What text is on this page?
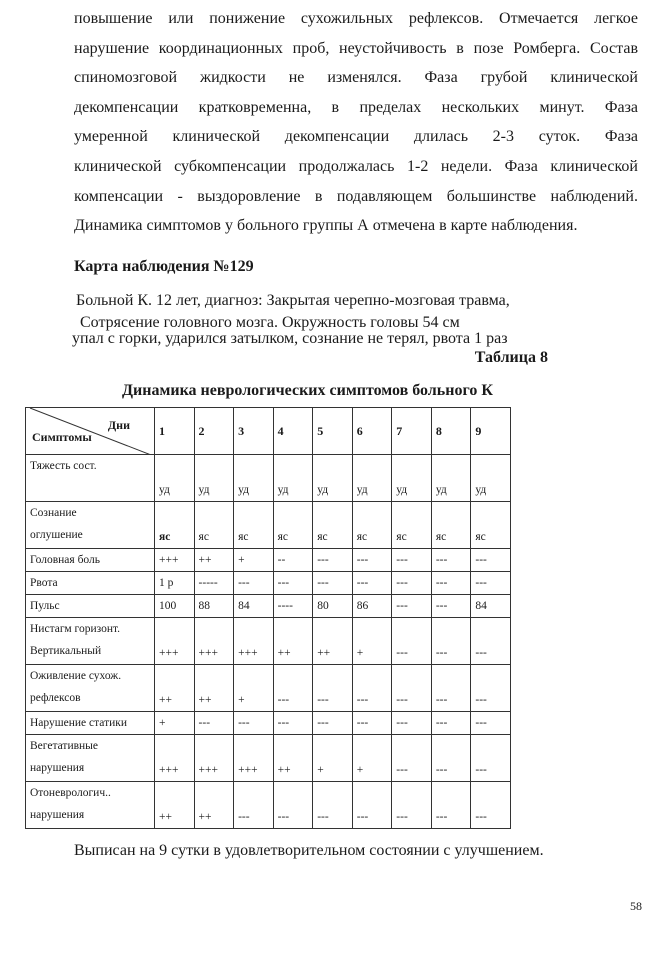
повышение или понижение сухожильных рефлексов. Отмечается легкое
нарушение координационных проб, неустойчивость в позе Ромберга. Состав
спиномозговой жидкости не изменялся. Фаза грубой клинической
декомпенсации кратковременна, в пределах нескольких минут. Фаза
умеренной клинической декомпенсации длилась 2-3 суток. Фаза
клинической субкомпенсации продолжалась 1-2 недели. Фаза клинической
компенсации - выздоровление в подавляющем большинстве наблюдений.
Динамика симптомов у больного группы А отмечена в карте наблюдения.
Карта наблюдения №129
Больной К. 12 лет, диагноз: Закрытая черепно-мозговая травма,
Сотрясение головного мозга. Окружность головы 54 см
упал с горки, ударился затылком, сознание не терял, рвота 1 раз
Таблица 8
Динамика неврологических симптомов больного К
Дни
Симптомы	1	2	3	4	5	6	7	8	9

Тяжесть сост.	уд	уд	уд	уд	уд	уд	уд	уд	уд

Сознание
оглушение	яс	яс	яс	яс	яс	яс	яс	яс	яс

Головная боль	+++	++	+	--	---	---	---	---	---

Рвота	1 р	-----	---	---	---	---	---	---	---

Пульс	100	88	84	----	80	86	---	---	84

Нистагм горизонт.
Вертикальный	+++	+++	+++	++	++	+	---	---	---

Оживление сухож.
рефлексов	++	++	+	---	---	---	---	---	---

Нарушение статики	+	---	---	---	---	---	---	---	---

Вегетативные
нарушения	+++	+++	+++	++	+	+	---	---	---

Отоневрологич..
нарушения	++	++	---	---	---	---	---	---	---
Выписан на 9 сутки в удовлетворительном состоянии с улучшением.
58
